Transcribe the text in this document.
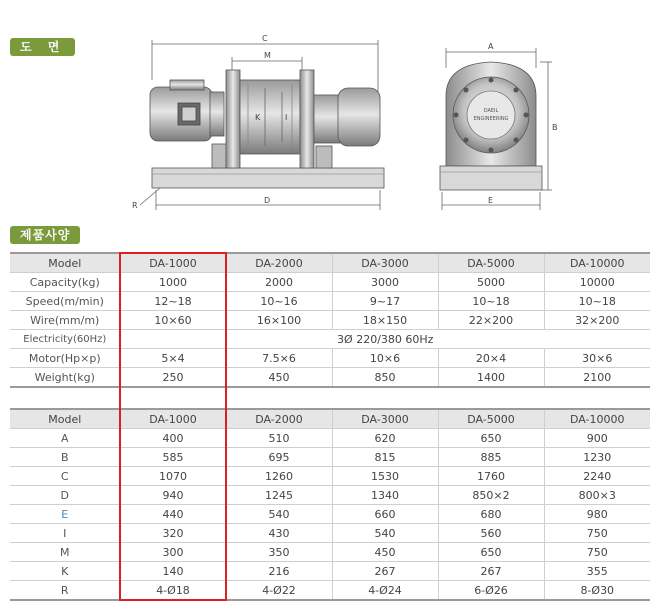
도 면
C
M
K	I
D
R
DAEIL
ENGINEERING
A
B
E
제품사양
Model	DA-1000	DA-2000	DA-3000	DA-5000	DA-10000
Capacity(kg)	1000	2000	3000	5000	10000
Speed(m/min)	12~18	10~16	9~17	10~18	10~18
Wire(mm/m)	10×60	16×100	18×150	22×200	32×200
Electricity(60Hz)	3Ø 220/380 60Hz				
Motor(Hp×p)	5×4	7.5×6	10×6	20×4	30×6
Weight(kg)	250	450	850	1400	2100
Model	DA-1000	DA-2000	DA-3000	DA-5000	DA-10000
A	400	510	620	650	900
B	585	695	815	885	1230
C	1070	1260	1530	1760	2240
D	940	1245	1340	850×2	800×3
E	440	540	660	680	980
I	320	430	540	560	750
M	300	350	450	650	750
K	140	216	267	267	355
R	4-Ø18	4-Ø22	4-Ø24	6-Ø26	8-Ø30
